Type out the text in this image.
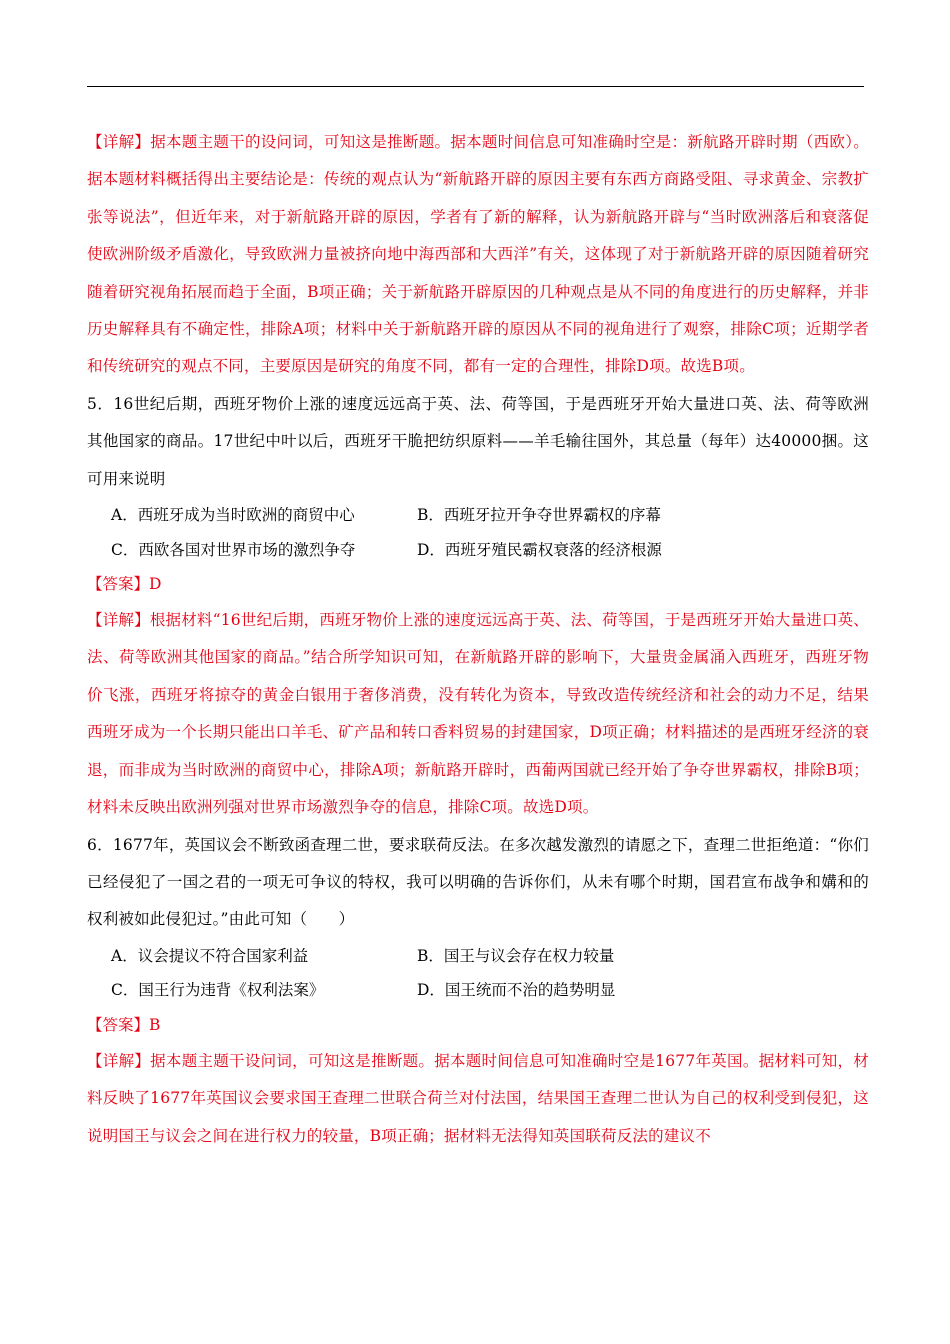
【详解】据本题主题干的设问词，可知这是推断题。据本题时间信息可知准确时空是：新航路开辟时期（西欧）。据本题材料概括得出主要结论是：传统的观点认为“新航路开辟的原因主要有东西方商路受阻、寻求黄金、宗教扩张等说法”，但近年来，对于新航路开辟的原因，学者有了新的解释，认为新航路开辟与“当时欧洲落后和衰落促使欧洲阶级矛盾激化，导致欧洲力量被挤向地中海西部和大西洋”有关，这体现了对于新航路开辟的原因随着研究随着研究视角拓展而趋于全面，B项正确；关于新航路开辟原因的几种观点是从不同的角度进行的历史解释，并非历史解释具有不确定性，排除A项；材料中关于新航路开辟的原因从不同的视角进行了观察，排除C项；近期学者和传统研究的观点不同，主要原因是研究的角度不同，都有一定的合理性，排除D项。故选B项。

5．16世纪后期，西班牙物价上涨的速度远远高于英、法、荷等国，于是西班牙开始大量进口英、法、荷等欧洲其他国家的商品。17世纪中叶以后，西班牙干脆把纺织原料——羊毛输往国外，其总量（每年）达40000捆。这可用来说明

A．西班牙成为当时欧洲的商贸中心	B．西班牙拉开争夺世界霸权的序幕
C．西欧各国对世界市场的激烈争夺	D．西班牙殖民霸权衰落的经济根源

【答案】D

【详解】根据材料“16世纪后期，西班牙物价上涨的速度远远高于英、法、荷等国，于是西班牙开始大量进口英、法、荷等欧洲其他国家的商品。”结合所学知识可知，在新航路开辟的影响下，大量贵金属涌入西班牙，西班牙物价飞涨，西班牙将掠夺的黄金白银用于奢侈消费，没有转化为资本，导致改造传统经济和社会的动力不足，结果西班牙成为一个长期只能出口羊毛、矿产品和转口香料贸易的封建国家，D项正确；材料描述的是西班牙经济的衰退，而非成为当时欧洲的商贸中心，排除A项；新航路开辟时，西葡两国就已经开始了争夺世界霸权，排除B项；材料未反映出欧洲列强对世界市场激烈争夺的信息，排除C项。故选D项。

6．1677年，英国议会不断致函查理二世，要求联荷反法。在多次越发激烈的请愿之下，查理二世拒绝道：“你们已经侵犯了一国之君的一项无可争议的特权，我可以明确的告诉你们，从未有哪个时期，国君宣布战争和媾和的权利被如此侵犯过。”由此可知（　　）

A．议会提议不符合国家利益	B．国王与议会存在权力较量
C．国王行为违背《权利法案》	D．国王统而不治的趋势明显

【答案】B

【详解】据本题主题干设问词，可知这是推断题。据本题时间信息可知准确时空是1677年英国。据材料可知，材料反映了1677年英国议会要求国王查理二世联合荷兰对付法国，结果国王查理二世认为自己的权利受到侵犯，这说明国王与议会之间在进行权力的较量，B项正确；据材料无法得知英国联荷反法的建议不
